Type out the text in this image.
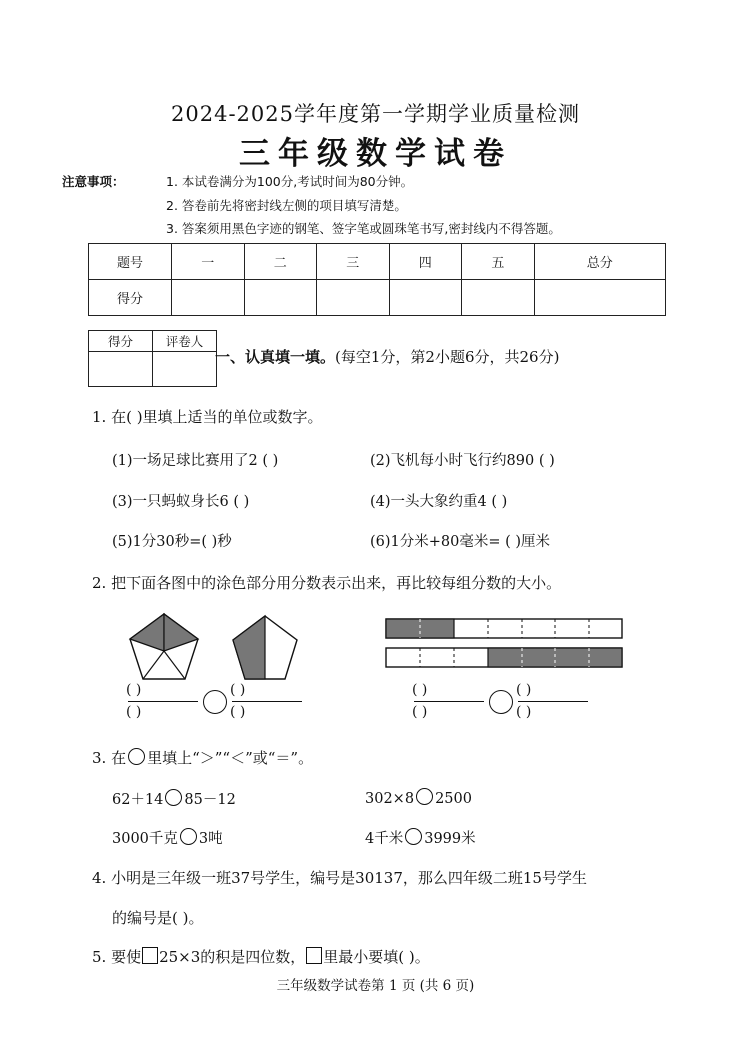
2024-2025学年度第一学期学业质量检测
三年级数学试卷
注意事项：	1. 本试卷满分为100分,考试时间为80分钟。
2. 答卷前先将密封线左侧的项目填写清楚。
3. 答案须用黑色字迹的钢笔、签字笔或圆珠笔书写,密封线内不得答题。
题号	一	二	三	四	五	总分
得分						
得分	评卷人

一、认真填一填。(每空1分，第2小题6分，共26分)
1. 在( )里填上适当的单位或数字。
(1)一场足球比赛用了2 ( )	(2)飞机每小时飞行约890 ( )
(3)一只蚂蚁身长6 ( )	(4)一头大象约重4 ( )
(5)1分30秒=( )秒	(6)1分米+80毫米= ( )厘米
2. 把下面各图中的涂色部分用分数表示出来，再比较每组分数的大小。
( )
( )
( )
( )
( )
( )
( )
( )
3. 在 里填上“＞”“＜”或“＝”。
62＋14 85－12	302×8 2500
3000千克 3吨	4千米 3999米
4. 小明是三年级一班37号学生，编号是30137，那么四年级二班15号学生
的编号是( )。
5. 要使 25×3的积是四位数， 里最小要填( )。
三年级数学试卷第 1 页 (共 6 页)
